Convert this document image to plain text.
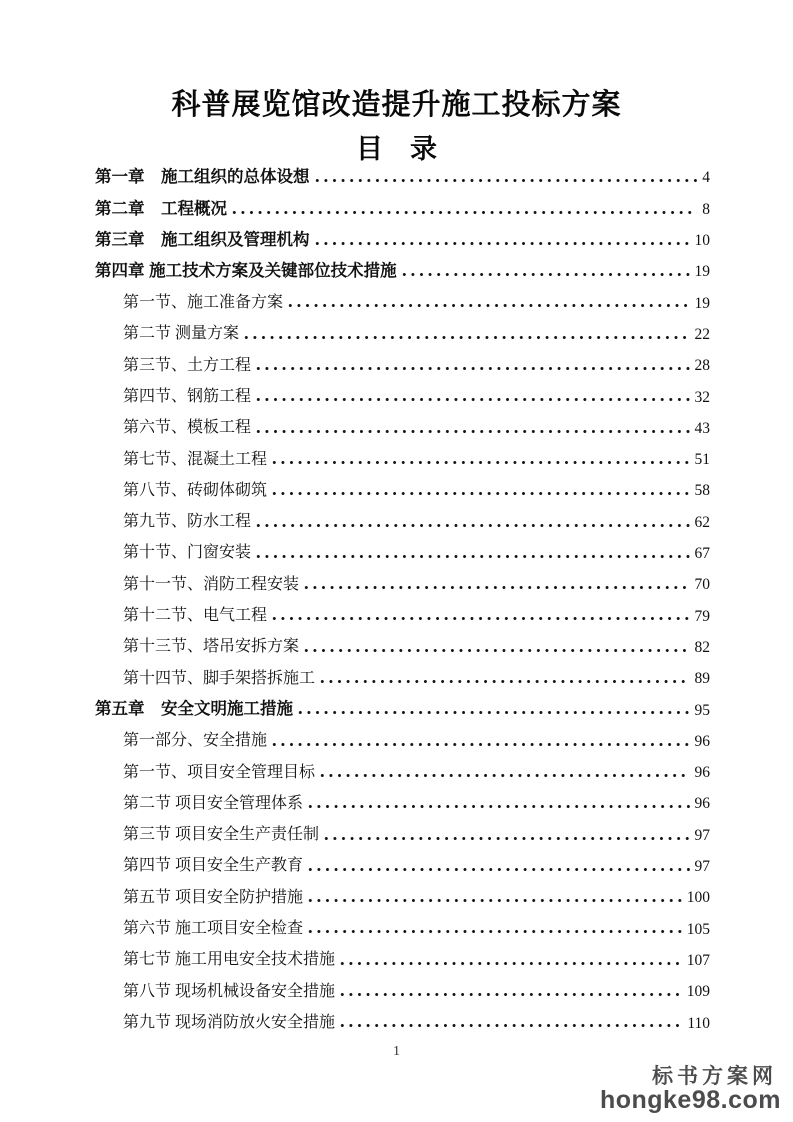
科普展览馆改造提升施工投标方案
目　录
第一章　施工组织的总体设想	4
第二章　工程概况	8
第三章　施工组织及管理机构	10
第四章 施工技术方案及关键部位技术措施	19
第一节、施工准备方案	19
第二节 测量方案	22
第三节、土方工程	28
第四节、钢筋工程	32
第六节、模板工程	43
第七节、混凝土工程	51
第八节、砖砌体砌筑	58
第九节、防水工程	62
第十节、门窗安装	67
第十一节、消防工程安装	70
第十二节、电气工程	79
第十三节、塔吊安拆方案	82
第十四节、脚手架搭拆施工	89
第五章　安全文明施工措施	95
第一部分、安全措施	96
第一节、项目安全管理目标	96
第二节 项目安全管理体系	96
第三节 项目安全生产责任制	97
第四节 项目安全生产教育	97
第五节 项目安全防护措施	100
第六节 施工项目安全检查	105
第七节 施工用电安全技术措施	107
第八节 现场机械设备安全措施	109
第九节 现场消防放火安全措施	110
1
标书方案网
hongke98.com
